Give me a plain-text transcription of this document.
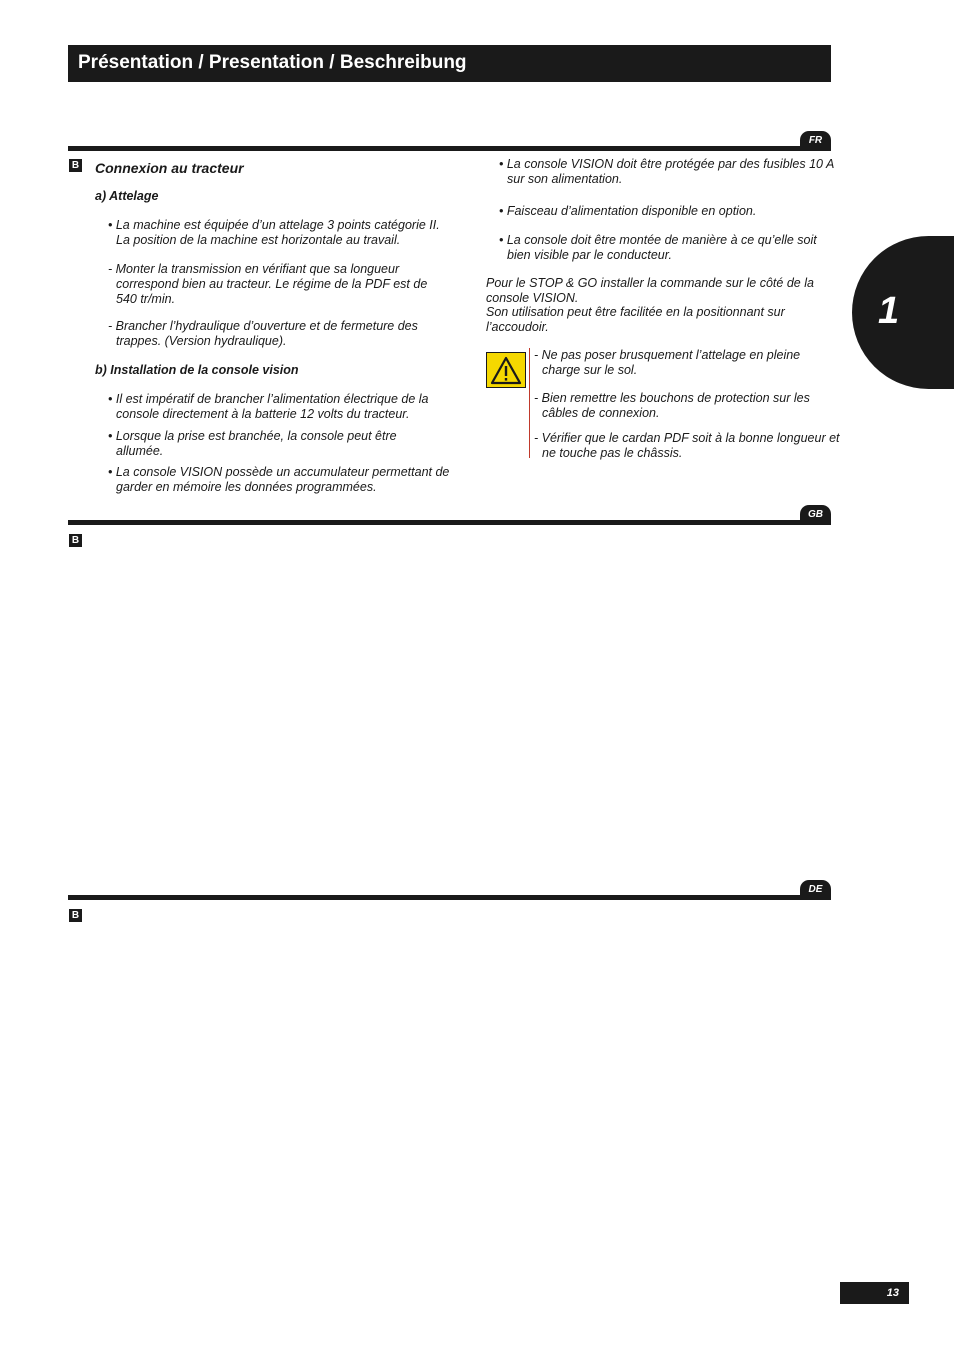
Présentation / Presentation / Beschreibung
1
FR
B Connexion au tracteur
a) Attelage
• La machine est équipée d’un attelage 3 points catégorie II. La position de la machine est horizontale au travail.
- Monter la transmission en vérifiant que sa longueur correspond bien au tracteur. Le régime de la PDF est de 540 tr/min.
- Brancher l’hydraulique d’ouverture et de fermeture des trappes. (Version hydraulique).
b) Installation de la console vision
• Il est impératif de brancher l’alimentation électrique de la console directement à la batterie 12 volts du tracteur.
• Lorsque la prise est branchée, la console peut être allumée.
• La console VISION possède un accumulateur permettant de garder en mémoire les données programmées.
• La console VISION doit être protégée par des fusibles 10 A sur son alimentation.
• Faisceau d’alimentation disponible en option.
• La console doit être montée de manière à ce qu’elle soit bien visible par le conducteur.
Pour le STOP & GO installer la commande sur le côté de la console VISION.
Son utilisation peut être facilitée en la positionnant sur l’accoudoir.
- Ne pas poser brusquement l’attelage en pleine charge sur le sol.
- Bien remettre les bouchons de protection sur les câbles de connexion.
- Vérifier que le cardan PDF soit à la bonne longueur et ne touche pas le châssis.
GB
B
DE
B
13
